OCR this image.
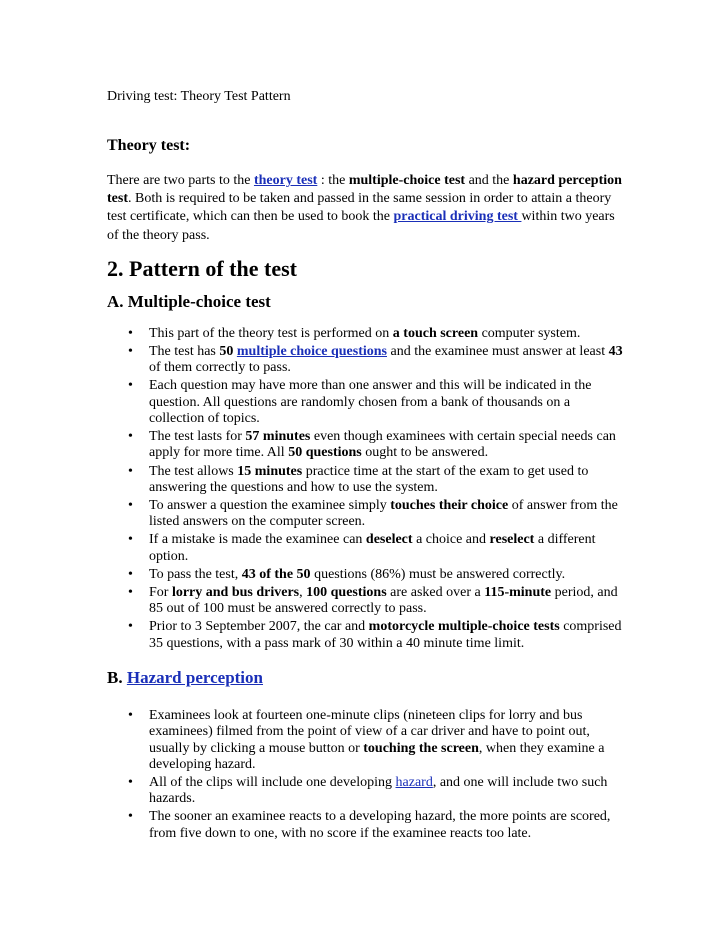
Driving test: Theory Test Pattern
Theory test:
There are two parts to the theory test : the multiple-choice test and the hazard perception test. Both is required to be taken and passed in the same session in order to attain a theory test certificate, which can then be used to book the practical driving test within two years of the theory pass.
2. Pattern of the test
A. Multiple-choice test
• This part of the theory test is performed on a touch screen computer system.
• The test has 50 multiple choice questions and the examinee must answer at least 43 of them correctly to pass.
• Each question may have more than one answer and this will be indicated in the question. All questions are randomly chosen from a bank of thousands on a collection of topics.
• The test lasts for 57 minutes even though examinees with certain special needs can apply for more time. All 50 questions ought to be answered.
• The test allows 15 minutes practice time at the start of the exam to get used to answering the questions and how to use the system.
• To answer a question the examinee simply touches their choice of answer from the listed answers on the computer screen.
• If a mistake is made the examinee can deselect a choice and reselect a different option.
• To pass the test, 43 of the 50 questions (86%) must be answered correctly.
• For lorry and bus drivers, 100 questions are asked over a 115-minute period, and 85 out of 100 must be answered correctly to pass.
• Prior to 3 September 2007, the car and motorcycle multiple-choice tests comprised 35 questions, with a pass mark of 30 within a 40 minute time limit.
B. Hazard perception
• Examinees look at fourteen one-minute clips (nineteen clips for lorry and bus examinees) filmed from the point of view of a car driver and have to point out, usually by clicking a mouse button or touching the screen, when they examine a developing hazard.
• All of the clips will include one developing hazard, and one will include two such hazards.
• The sooner an examinee reacts to a developing hazard, the more points are scored, from five down to one, with no score if the examinee reacts too late.
